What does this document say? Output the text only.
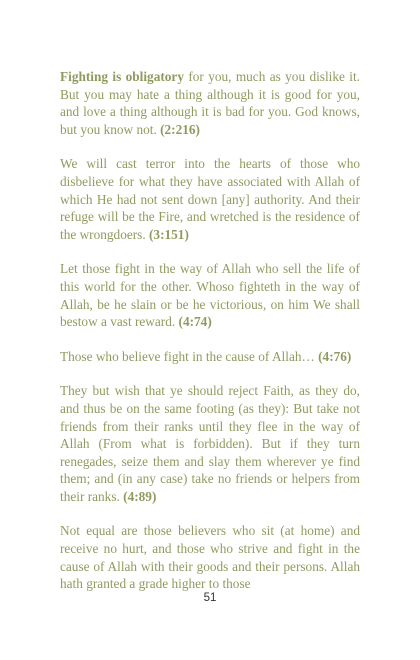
Fighting is obligatory for you, much as you dislike it. But you may hate a thing although it is good for you, and love a thing although it is bad for you. God knows, but you know not. (2:216)

We will cast terror into the hearts of those who disbelieve for what they have associated with Allah of which He had not sent down [any] authority. And their refuge will be the Fire, and wretched is the residence of the wrongdoers. (3:151)

Let those fight in the way of Allah who sell the life of this world for the other. Whoso fighteth in the way of Allah, be he slain or be he victorious, on him We shall bestow a vast reward. (4:74)

Those who believe fight in the cause of Allah… (4:76)

They but wish that ye should reject Faith, as they do, and thus be on the same footing (as they): But take not friends from their ranks until they flee in the way of Allah (From what is forbidden). But if they turn renegades, seize them and slay them wherever ye find them; and (in any case) take no friends or helpers from their ranks. (4:89)

Not equal are those believers who sit (at home) and receive no hurt, and those who strive and fight in the cause of Allah with their goods and their persons. Allah hath granted a grade higher to those

51
